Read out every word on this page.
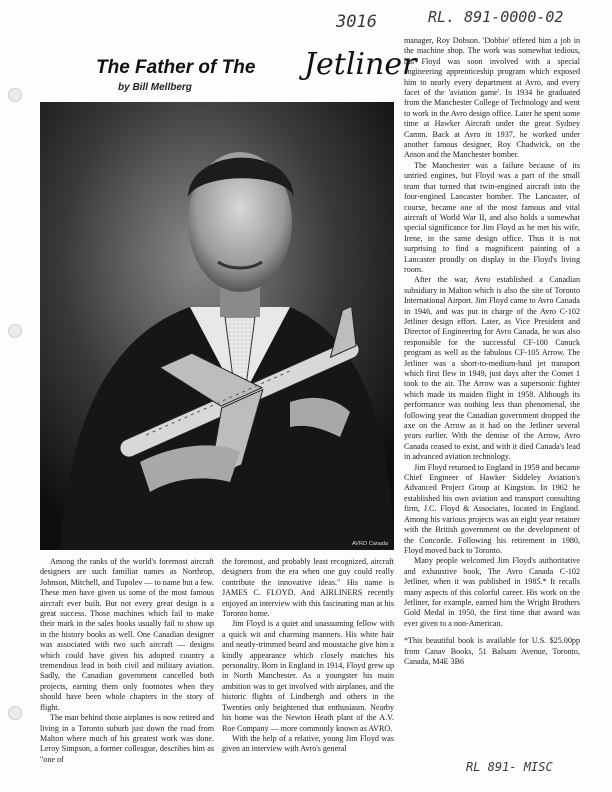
3016	RL. 891-0000-02
RL 891- MISC
The Father of The Jetliner
by Bill Mellberg
AVRO Canada

Among the ranks of the world's foremost aircraft designers are such familiar names as Northrop, Johnson, Mitchell, and Tupolev — to name but a few. These men have given us some of the most famous aircraft ever built. But not every great design is a great success. Those machines which fail to make their mark in the sales books usually fail to show up in the history books as well. One Canadian designer was associated with two such aircraft — designs which could have given his adopted country a tremendous lead in both civil and military aviation. Sadly, the Canadian government cancelled both projects, earning them only footnotes when they should have been whole chapters in the story of flight.

The man behind those airplanes is now retired and living in a Toronto suburb just down the road from Malton where much of his greatest work was done. Leroy Simpson, a former colleague, describes him as "one of

the foremost, and probably least recognized, aircraft designers from the era when one guy could really contribute the innovative ideas." His name is JAMES C. FLOYD. And AIRLINERS recently enjoyed an interview with this fascinating man at his Toronto home.

Jim Floyd is a quiet and unassuming fellow with a quick wit and charming manners. His white hair and neatly-trimmed beard and moustache give him a kindly appearance which closely matches his personality. Born in England in 1914, Floyd grew up in North Manchester. As a youngster his main ambition was to get involved with airplanes, and the historic flights of Lindbergh and others in the Twenties only heightened that enthusiasm. Nearby his home was the Newton Heath plant of the A.V. Roe Company — more commonly known as AVRO.

With the help of a relative, young Jim Floyd was given an interview with Avro's general

manager, Roy Dobson. 'Dobbie' offered him a job in the machine shop. The work was somewhat tedious, but Floyd was soon involved with a special engineering apprenticeship program which exposed him to nearly every department at Avro, and every facet of the 'aviation game'. In 1934 he graduated from the Manchester College of Technology and went to work in the Avro design office. Later he spent some time at Hawker Aircraft under the great Sydney Camm. Back at Avro in 1937, he worked under another famous designer, Roy Chadwick, on the Anson and the Manchester bomber.

The Manchester was a failure because of its untried engines, but Floyd was a part of the small team that turned that twin-engined aircraft into the four-engined Lancaster bomber. The Lancaster, of course, became one of the most famous and vital aircraft of World War II, and also holds a somewhat special significance for Jim Floyd as he met his wife, Irene, in the same design office. Thus it is not surprising to find a magnificent painting of a Lancaster proudly on display in the Floyd's living room.

After the war, Avro established a Canadian subsidiary in Malton which is also the site of Toronto International Airport. Jim Floyd came to Avro Canada in 1946, and was put in charge of the Avro C-102 Jetliner design effort. Later, as Vice President and Director of Engineering for Avro Canada, he was also responsible for the successful CF-100 Canuck program as well as the fabulous CF-105 Arrow. The Jetliner was a short-to-medium-haul jet transport which first flew in 1949, just days after the Comet 1 took to the air. The Arrow was a supersonic fighter which made its maiden flight in 1958. Although its performance was nothing less than phenomenal, the following year the Canadian government dropped the axe on the Arrow as it had on the Jetliner several years earlier. With the demise of the Arrow, Avro Canada ceased to exist, and with it died Canada's lead in advanced aviation technology.

Jim Floyd returned to England in 1959 and became Chief Engineer of Hawker Siddeley Aviation's Advanced Project Group at Kingston. In 1962 he established his own aviation and transport consulting firm, J.C. Floyd & Associates, located in England. Among his various projects was an eight year retainer with the British government on the development of the Concorde. Following his retirement in 1980, Floyd moved back to Toronto.

Many people welcomed Jim Floyd's authoritative and exhaustive book, The Avro Canada C-102 Jetliner, when it was published in 1985.* It recalls many aspects of this colorful career. His work on the Jetliner, for example, earned him the Wright Brothers Gold Medal in 1950, the first time that award was ever given to a non-American.

*This beautiful book is available for U.S. $25.00pp from Canav Books, 51 Balsam Avenue, Toronto, Canada, M4E 3B6
